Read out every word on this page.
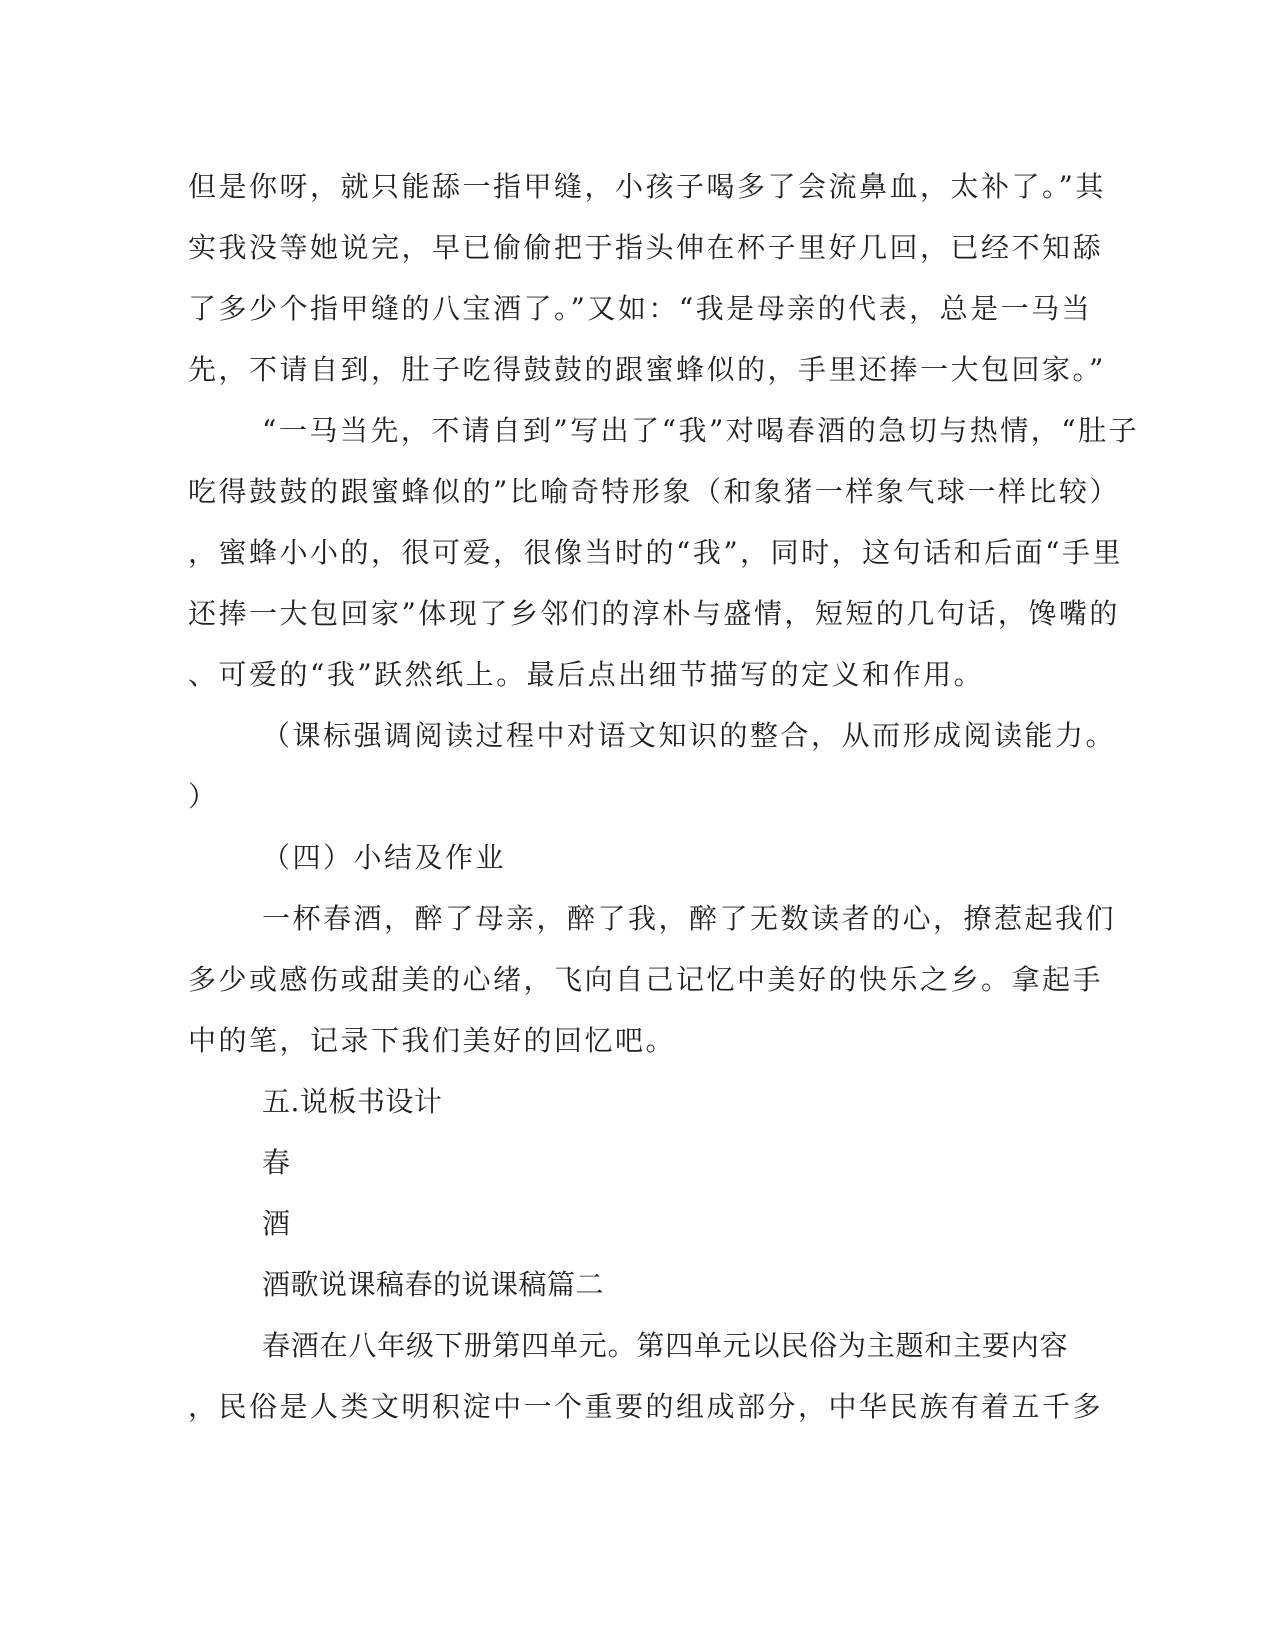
但是你呀，就只能舔一指甲缝，小孩子喝多了会流鼻血，太补了。”其
实我没等她说完，早已偷偷把于指头伸在杯子里好几回，已经不知舔
了多少个指甲缝的八宝酒了。”又如：“我是母亲的代表，总是一马当
先，不请自到，肚子吃得鼓鼓的跟蜜蜂似的，手里还捧一大包回家。”
“一马当先，不请自到”写出了“我”对喝春酒的急切与热情，“肚子
吃得鼓鼓的跟蜜蜂似的”比喻奇特形象（和象猪一样象气球一样比较）
，蜜蜂小小的，很可爱，很像当时的“我”，同时，这句话和后面“手里
还捧一大包回家”体现了乡邻们的淳朴与盛情，短短的几句话，馋嘴的
、可爱的“我”跃然纸上。最后点出细节描写的定义和作用。
（课标强调阅读过程中对语文知识的整合，从而形成阅读能力。
）
（四）小结及作业
一杯春酒，醉了母亲，醉了我，醉了无数读者的心，撩惹起我们
多少或感伤或甜美的心绪，飞向自己记忆中美好的快乐之乡。拿起手
中的笔，记录下我们美好的回忆吧。
五.说板书设计
春
酒
酒歌说课稿春的说课稿篇二
春酒在八年级下册第四单元。第四单元以民俗为主题和主要内容
，民俗是人类文明积淀中一个重要的组成部分，中华民族有着五千多
